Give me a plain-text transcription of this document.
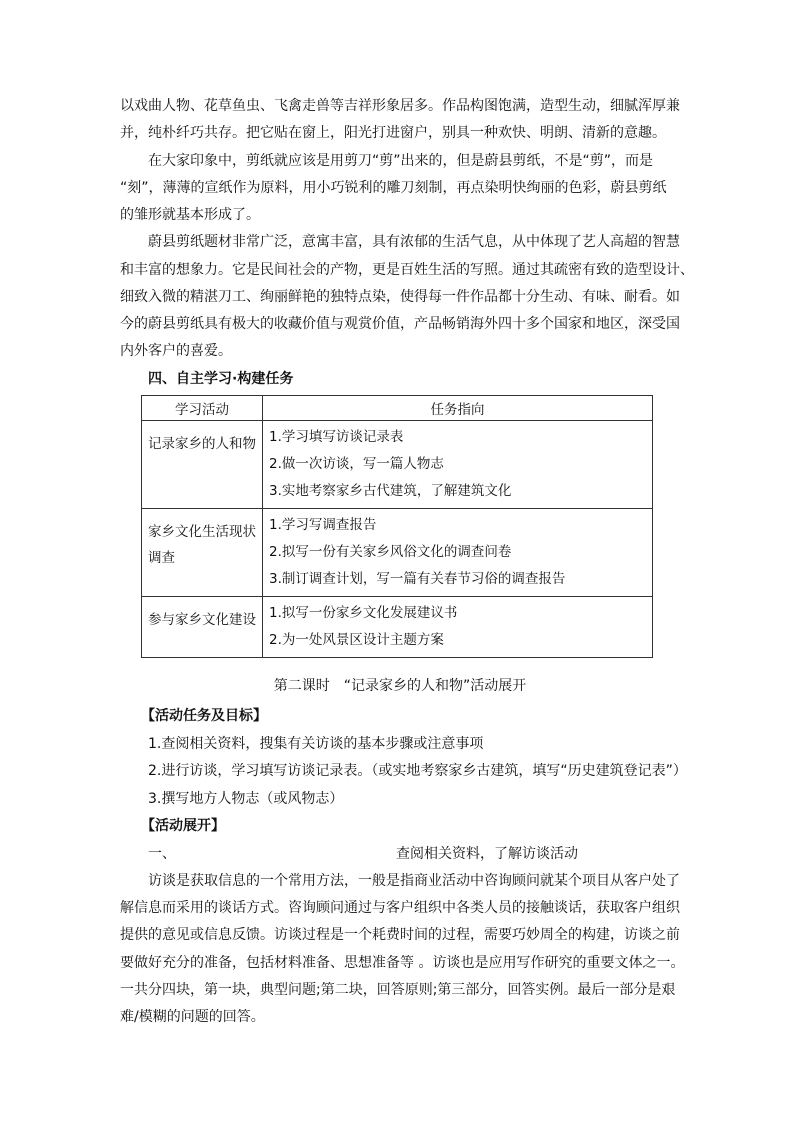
以戏曲人物、花草鱼虫、飞禽走兽等吉祥形象居多。作品构图饱满，造型生动，细腻浑厚兼

并，纯朴纤巧共存。把它贴在窗上，阳光打进窗户，别具一种欢快、明朗、清新的意趣。

　　在大家印象中，剪纸就应该是用剪刀“剪”出来的，但是蔚县剪纸，不是“剪”，而是

“刻”，薄薄的宣纸作为原料，用小巧锐利的雕刀刻制，再点染明快绚丽的色彩，蔚县剪纸

的雏形就基本形成了。

　　蔚县剪纸题材非常广泛，意寓丰富，具有浓郁的生活气息，从中体现了艺人高超的智慧

和丰富的想象力。它是民间社会的产物，更是百姓生活的写照。通过其疏密有致的造型设计、

细致入微的精湛刀工、绚丽鲜艳的独特点染，使得每一件作品都十分生动、有味、耐看。如

今的蔚县剪纸具有极大的收藏价值与观赏价值，产品畅销海外四十多个国家和地区，深受国

内外客户的喜爱。

四、自主学习·构建任务

学习活动	任务指向
记录家乡的人和物	1.学习填写访谈记录表
2.做一次访谈，写一篇人物志
3.实地考察家乡古代建筑，了解建筑文化

家乡文化生活现状调查	1.学习写调查报告
2.拟写一份有关家乡风俗文化的调查问卷
3.制订调查计划，写一篇有关春节习俗的调查报告

参与家乡文化建设	1.拟写一份家乡文化发展建议书
2.为一处风景区设计主题方案

第二课时　“记录家乡的人和物”活动展开

【活动任务及目标】

1.查阅相关资料，搜集有关访谈的基本步骤或注意事项

2.进行访谈，学习填写访谈记录表。（或实地考察家乡古建筑，填写“历史建筑登记表”）

3.撰写地方人物志（或风物志）

【活动展开】

一、	查阅相关资料，了解访谈活动

　　访谈是获取信息的一个常用方法，一般是指商业活动中咨询顾问就某个项目从客户处了

解信息而采用的谈话方式。咨询顾问通过与客户组织中各类人员的接触谈话，获取客户组织

提供的意见或信息反馈。访谈过程是一个耗费时间的过程，需要巧妙周全的构建，访谈之前

要做好充分的准备，包括材料准备、思想准备等 。访谈也是应用写作研究的重要文体之一。

一共分四块，第一块，典型问题;第二块，回答原则;第三部分，回答实例。最后一部分是艰

难/模糊的问题的回答。
